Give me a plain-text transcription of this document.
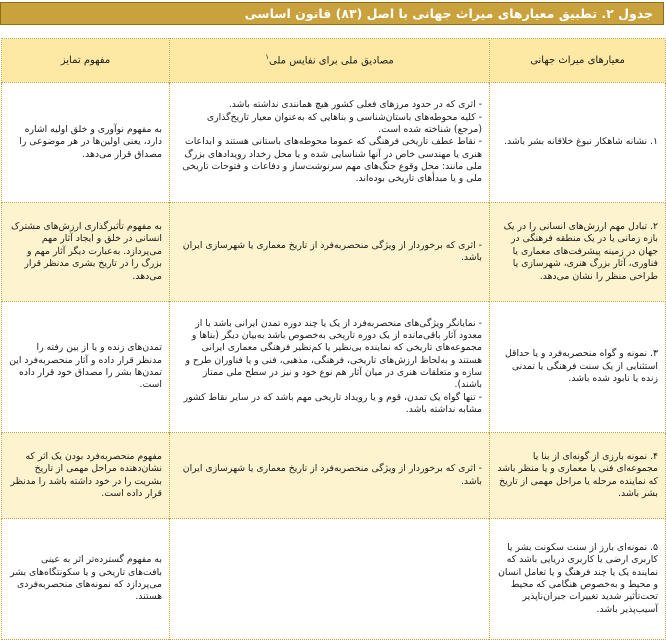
جدول ۲. تطبیق معیارهای میراث جهانی با اصل (۸۳) قانون اساسی
معیارهای میراث جهانی	مصادیق ملی برای نفایس ملی$^۱$	مفهوم تمایز
۱. نشانه شاهکار نبوغ خلاقانه بشر باشد.	- اثری که در حدود مرزهای فعلی کشور هیچ همانندی نداشته باشد.
- کلیه محوطه‌های باستان‌شناسی و بناهایی که به‌عنوان معیار تاریخ‌گذاری (مرجع) شناخته شده است.
- نقاط عطف تاریخی فرهنگی که عموما محوطه‌های باستانی هستند و ابداعات هنری یا مهندسی خاص در آنها شناسایی شده و یا محل رخداد رویدادهای بزرگ ملی مانند: محل وقوع جنگ‌های مهم سرنوشت‌ساز و دفاعات و فتوحات تاریخی ملی و یا مبدأهای تاریخی بوده‌اند.	به مفهوم نوآوری و خلق اولیه اشاره دارد، یعنی اولین‌ها در هر موضوعی را مصداق قرار می‌دهد.
۲. تبادل مهم ارزش‌های انسانی را در یک بازه زمانی یا در یک منطقه فرهنگی در جهان در زمینه پیشرفت‌های معماری یا فناوری، آثار بزرگ هنری، شهرسازی یا طراحی منظر را نشان می‌دهد.	- اثری که برخوردار از ویژگی منحصربه‌فرد از تاریخ معماری یا شهرسازی ایران باشد.	به مفهوم تأثیرگذاری ارزش‌های مشترک انسانی در خلق و ایجاد آثار مهم می‌پردازد. به‌عبارت دیگر آثار مهم و بزرگ را در تاریخ بشری مدنظر قرار می‌دهد.
۳. نمونه و گواه منحصربه‌فرد و یا حداقل استثنایی از یک سنت فرهنگی یا تمدنی زنده یا نابود شده باشد.	- نمایانگر ویژگی‌های منحصربه‌فرد از یک یا چند دوره تمدن ایرانی باشد یا از معدود آثار باقی‌مانده از یک دوره تاریخی به‌خصوص باشد به‌بیان دیگر (بناها و مجموعه‌های تاریخی که نماینده بی‌نظیر یا کم‌نظیر فرهنگی معماری ایرانی هستند و به‌لحاظ ارزش‌های تاریخی، فرهنگی، مذهبی، فنی و یا فناوران طرح و سازه و متعلقات هنری در میان آثار هم نوع خود و نیز در سطح ملی ممتاز باشند).
- تنها گواه یک تمدن، قوم و یا رویداد تاریخی مهم باشد که در سایر نقاط کشور مشابه نداشته باشد.	تمدن‌های زنده و یا از بین رفته را مدنظر قرار داده و آثار منحصربه‌فرد این تمدن‌ها بشر را مصداق خود قرار داده است.
۴. نمونه بارزی از گونه‌ای از بنا یا مجموعه‌ای فنی یا معماری و یا منظر باشد که نماینده مرحله یا مراحل مهمی از تاریخ بشر باشد.	- اثری که برخوردار از ویژگی منحصربه‌فرد از تاریخ معماری یا شهرسازی ایران باشد.	مفهوم منحصربه‌فرد بودن یک اثر که نشان‌دهنده مراحل مهمی از تاریخ بشریت را در خود داشته باشد را مدنظر قرار داده است.
۵. نمونه‌ای بارز از سنت سکونت بشر یا کاربری ارضی یا کاربری دریایی باشد که نماینده یک یا چند فرهنگ و یا تعامل انسان و محیط و به‌خصوص هنگامی که محیط تحت‌تأثیر شدید تغییرات جبران‌ناپذیر آسیب‌پذیر باشد.		به مفهوم گسترده‌تر اثر به عینی بافت‌های تاریخی و یا سکونتگاه‌های بشر می‌پردازد که نمونه‌های منحصربه‌فردی هستند.
